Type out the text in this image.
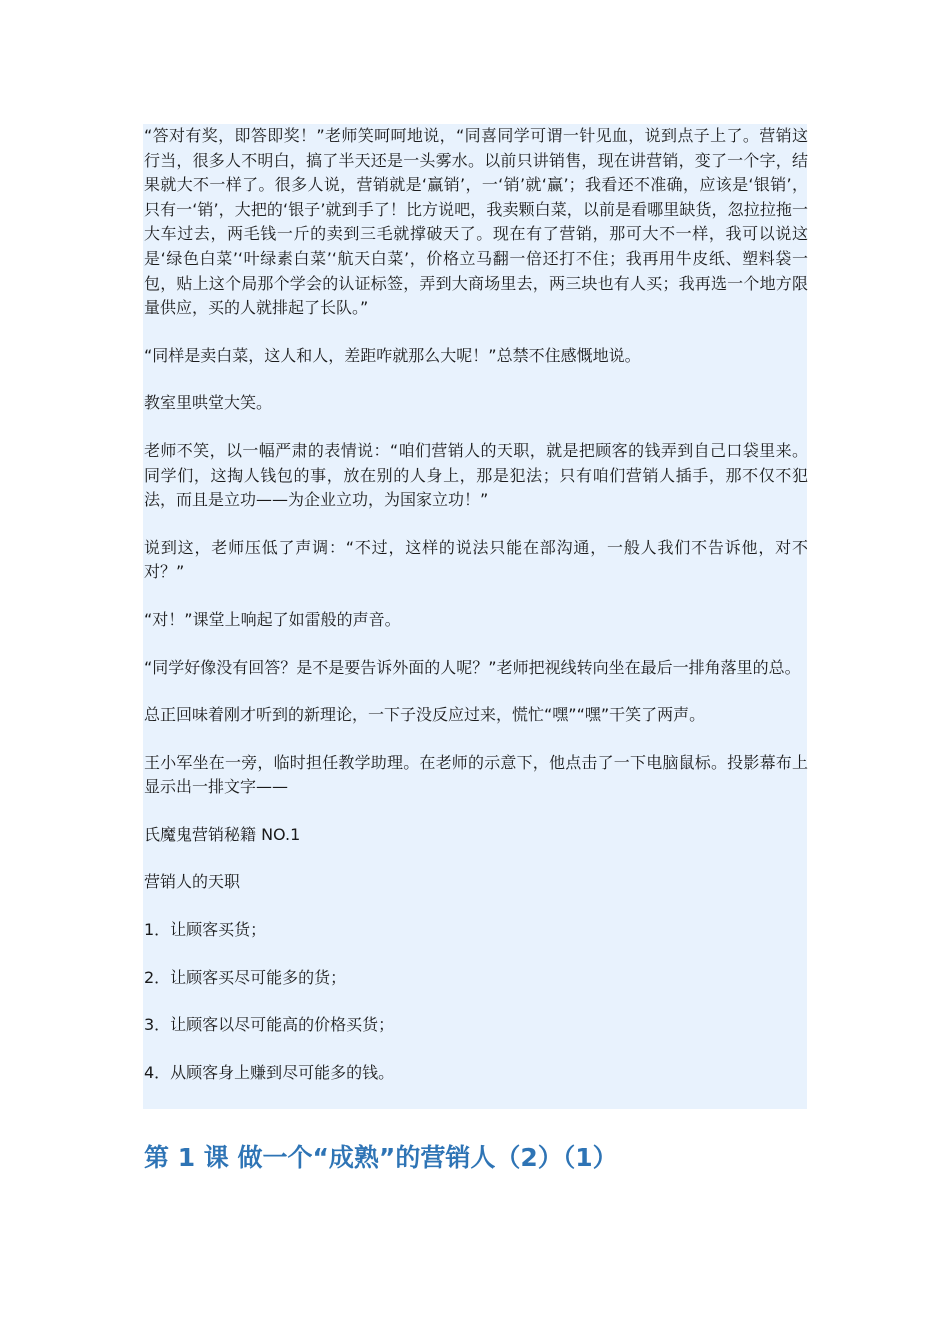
“答对有奖，即答即奖！”老师笑呵呵地说，“同喜同学可谓一针见血，说到点子上了。营销这行当，很多人不明白，搞了半天还是一头雾水。以前只讲销售，现在讲营销，变了一个字，结果就大不一样了。很多人说，营销就是‘赢销’，一‘销’就‘赢’；我看还不准确，应该是‘银销’，只有一‘销’，大把的‘银子’就到手了！比方说吧，我卖颗白菜，以前是看哪里缺货，忽拉拉拖一大车过去，两毛钱一斤的卖到三毛就撑破天了。现在有了营销，那可大不一样，我可以说这是‘绿色白菜’‘叶绿素白菜’‘航天白菜’，价格立马翻一倍还打不住；我再用牛皮纸、塑料袋一包，贴上这个局那个学会的认证标签，弄到大商场里去，两三块也有人买；我再选一个地方限量供应，买的人就排起了长队。”

“同样是卖白菜，这人和人，差距咋就那么大呢！”总禁不住感慨地说。

教室里哄堂大笑。

老师不笑，以一幅严肃的表情说：“咱们营销人的天职，就是把顾客的钱弄到自己口袋里来。同学们，这掏人钱包的事，放在别的人身上，那是犯法；只有咱们营销人插手，那不仅不犯法，而且是立功——为企业立功，为国家立功！”

说到这，老师压低了声调：“不过，这样的说法只能在部沟通，一般人我们不告诉他，对不对？”

“对！”课堂上响起了如雷般的声音。

“同学好像没有回答？是不是要告诉外面的人呢？”老师把视线转向坐在最后一排角落里的总。

总正回味着刚才听到的新理论，一下子没反应过来，慌忙“嘿”“嘿”干笑了两声。

王小军坐在一旁，临时担任教学助理。在老师的示意下，他点击了一下电脑鼠标。投影幕布上显示出一排文字——

氏魔鬼营销秘籍 NO.1

营销人的天职

1．让顾客买货；

2．让顾客买尽可能多的货；

3．让顾客以尽可能高的价格买货；

4．从顾客身上赚到尽可能多的钱。

第 1 课 做一个“成熟”的营销人（2）（1）
